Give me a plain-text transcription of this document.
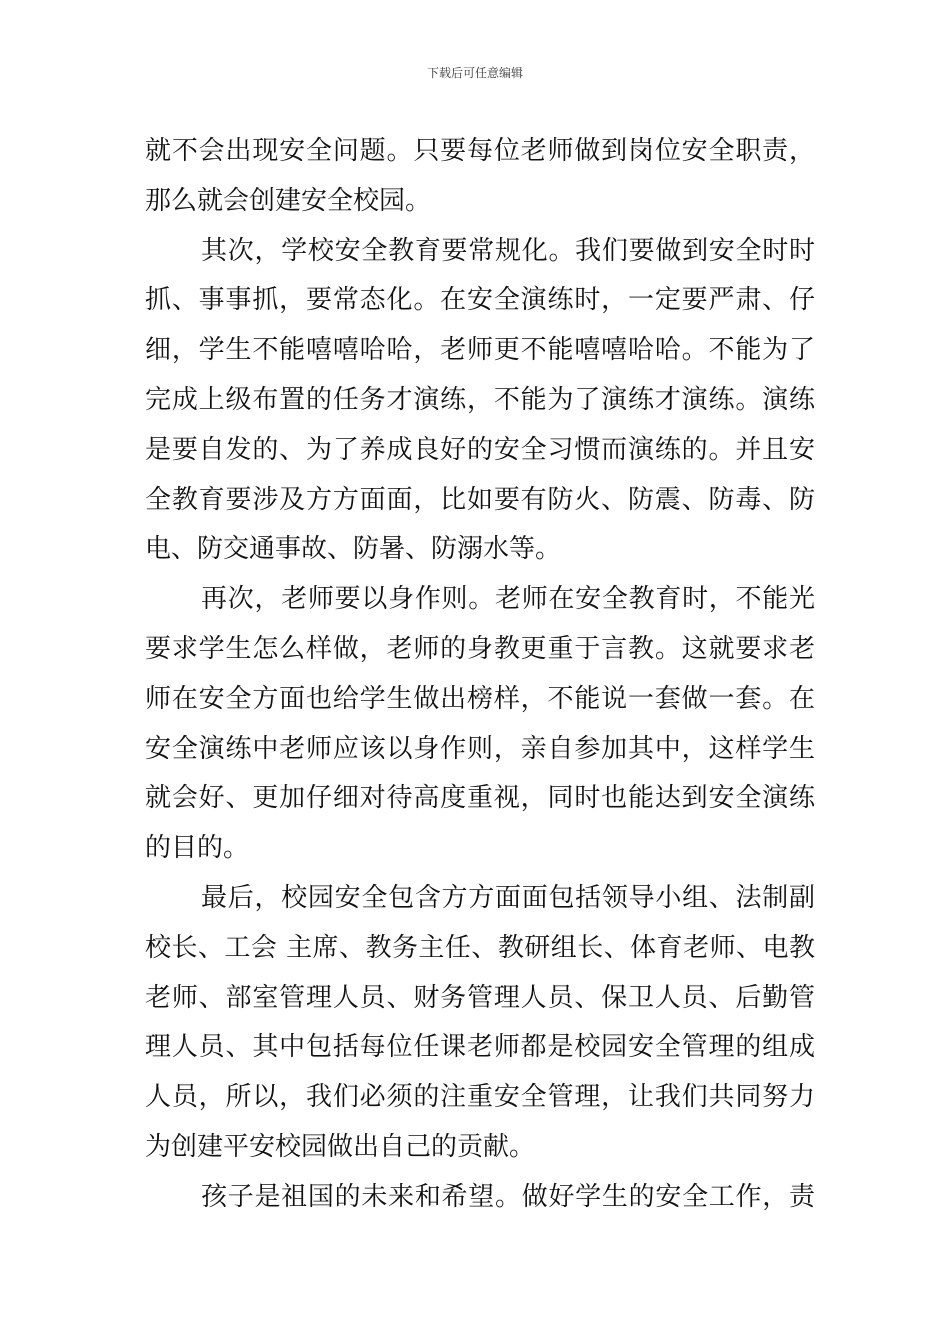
下载后可任意编辑
就不会出现安全问题。只要每位老师做到岗位安全职责，
那么就会创建安全校园。
其次，学校安全教育要常规化。我们要做到安全时时
抓、事事抓，要常态化。在安全演练时，一定要严肃、仔
细，学生不能嘻嘻哈哈，老师更不能嘻嘻哈哈。不能为了
完成上级布置的任务才演练，不能为了演练才演练。演练
是要自发的、为了养成良好的安全习惯而演练的。并且安
全教育要涉及方方面面，比如要有防火、防震、防毒、防
电、防交通事故、防暑、防溺水等。
再次，老师要以身作则。老师在安全教育时，不能光
要求学生怎么样做，老师的身教更重于言教。这就要求老
师在安全方面也给学生做出榜样，不能说一套做一套。在
安全演练中老师应该以身作则，亲自参加其中，这样学生
就会好、更加仔细对待高度重视，同时也能达到安全演练
的目的。
最后，校园安全包含方方面面包括领导小组、法制副
校长、工会 主席、教务主任、教研组长、体育老师、电教
老师、部室管理人员、财务管理人员、保卫人员、后勤管
理人员、其中包括每位任课老师都是校园安全管理的组成
人员，所以，我们必须的注重安全管理，让我们共同努力
为创建平安校园做出自己的贡献。
孩子是祖国的未来和希望。做好学生的安全工作，责
